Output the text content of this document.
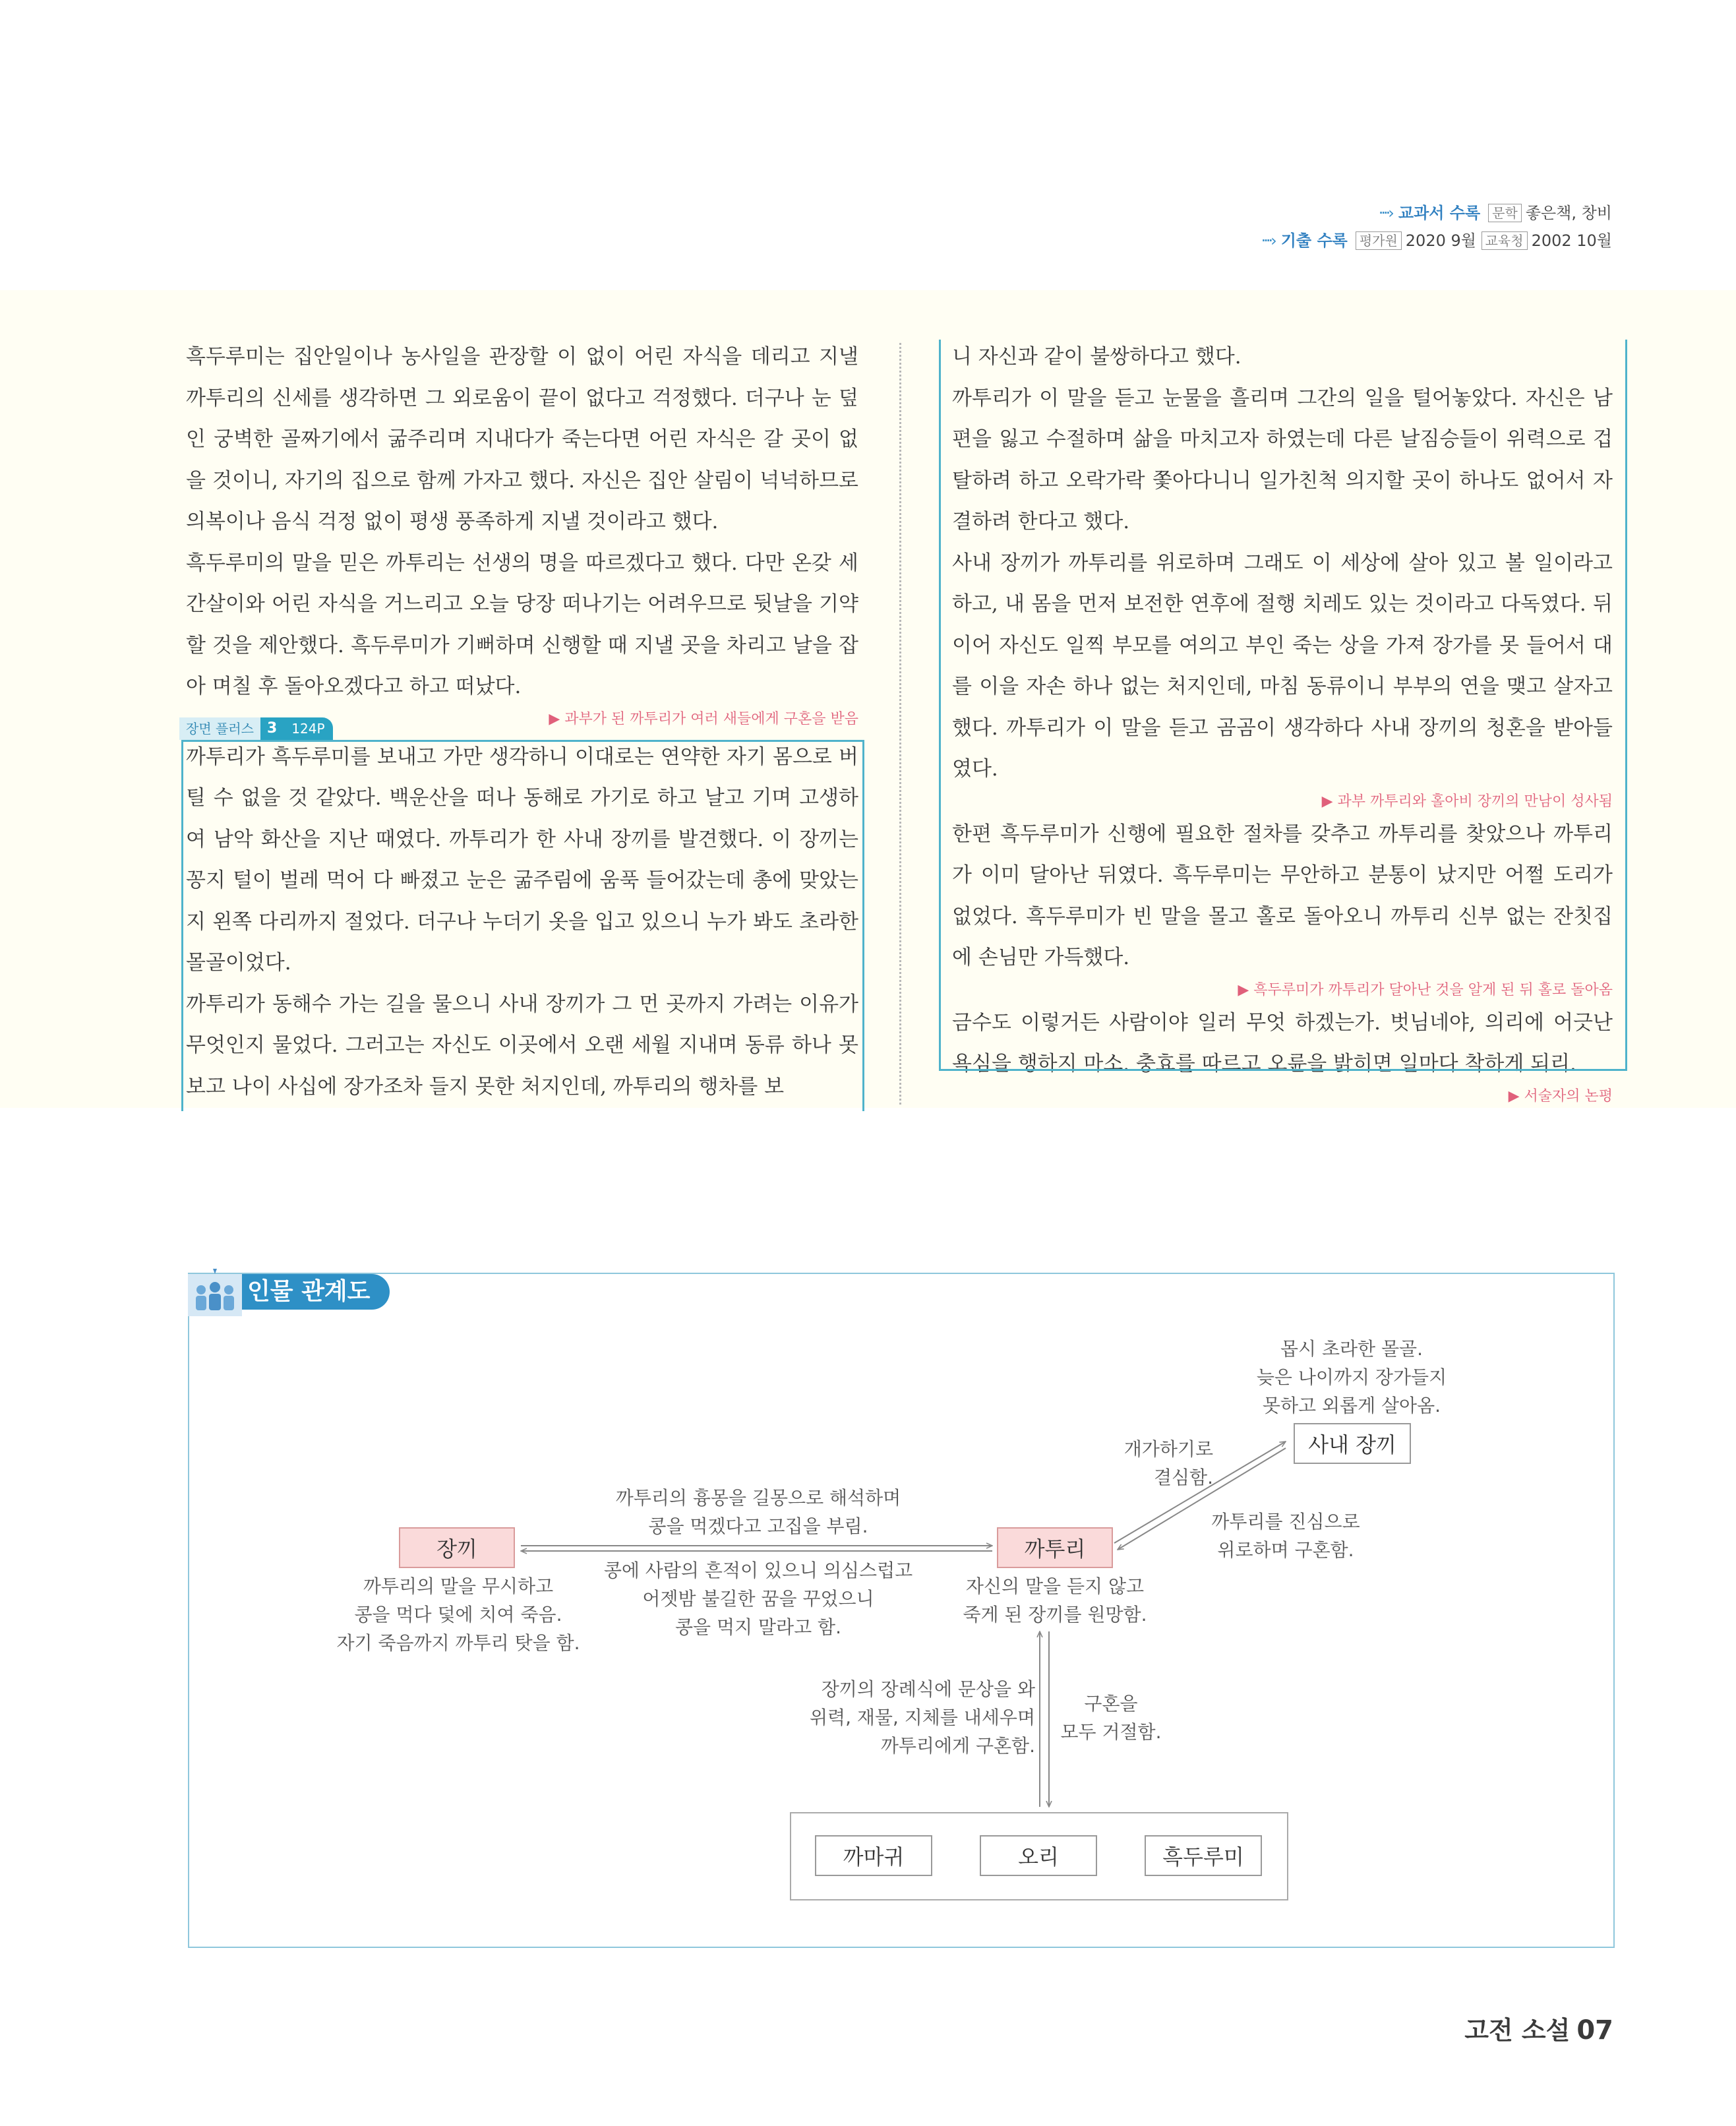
····› 교과서 수록 문학 좋은책, 창비
····› 기출 수록 평가원 2020 9월 교육청 2002 10월

흑두루미는 집안일이나 농사일을 관장할 이 없이 어린 자식을 데리고 지낼 까투리의 신세를 생각하면 그 외로움이 끝이 없다고 걱정했다. 더구나 눈 덮인 궁벽한 골짜기에서 굶주리며 지내다가 죽는다면 어린 자식은 갈 곳이 없을 것이니, 자기의 집으로 함께 가자고 했다. 자신은 집안 살림이 넉넉하므로 의복이나 음식 걱정 없이 평생 풍족하게 지낼 것이라고 했다.

흑두루미의 말을 믿은 까투리는 선생의 명을 따르겠다고 했다. 다만 온갖 세간살이와 어린 자식을 거느리고 오늘 당장 떠나기는 어려우므로 뒷날을 기약할 것을 제안했다. 흑두루미가 기뻐하며 신행할 때 지낼 곳을 차리고 날을 잡아 며칠 후 돌아오겠다고 하고 떠났다.

▶ 과부가 된 까투리가 여러 새들에게 구혼을 받음

까투리가 흑두루미를 보내고 가만 생각하니 이대로는 연약한 자기 몸으로 버틸 수 없을 것 같았다. 백운산을 떠나 동해로 가기로 하고 날고 기며 고생하여 남악 화산을 지난 때였다. 까투리가 한 사내 장끼를 발견했다. 이 장끼는 꽁지 털이 벌레 먹어 다 빠졌고 눈은 굶주림에 움푹 들어갔는데 총에 맞았는지 왼쪽 다리까지 절었다. 더구나 누더기 옷을 입고 있으니 누가 봐도 초라한 몰골이었다.

까투리가 동해수 가는 길을 물으니 사내 장끼가 그 먼 곳까지 가려는 이유가 무엇인지 물었다. 그러고는 자신도 이곳에서 오랜 세월 지내며 동류 하나 못 보고 나이 사십에 장가조차 들지 못한 처지인데, 까투리의 행차를 보

장면 플러스 3	124P

니 자신과 같이 불쌍하다고 했다.

까투리가 이 말을 듣고 눈물을 흘리며 그간의 일을 털어놓았다. 자신은 남편을 잃고 수절하며 삶을 마치고자 하였는데 다른 날짐승들이 위력으로 겁탈하려 하고 오락가락 쫓아다니니 일가친척 의지할 곳이 하나도 없어서 자결하려 한다고 했다.

사내 장끼가 까투리를 위로하며 그래도 이 세상에 살아 있고 볼 일이라고 하고, 내 몸을 먼저 보전한 연후에 절행 치레도 있는 것이라고 다독였다. 뒤이어 자신도 일찍 부모를 여의고 부인 죽는 상을 가져 장가를 못 들어서 대를 이을 자손 하나 없는 처지인데, 마침 동류이니 부부의 연을 맺고 살자고 했다. 까투리가 이 말을 듣고 곰곰이 생각하다 사내 장끼의 청혼을 받아들였다.

▶ 과부 까투리와 홀아비 장끼의 만남이 성사됨

한편 흑두루미가 신행에 필요한 절차를 갖추고 까투리를 찾았으나 까투리가 이미 달아난 뒤였다. 흑두루미는 무안하고 분통이 났지만 어쩔 도리가 없었다. 흑두루미가 빈 말을 몰고 홀로 돌아오니 까투리 신부 없는 잔칫집에 손님만 가득했다.

▶ 흑두루미가 까투리가 달아난 것을 알게 된 뒤 홀로 돌아옴

금수도 이렇거든 사람이야 일러 무엇 하겠는가. 벗님네야, 의리에 어긋난 욕심을 행하지 마소. 충효를 따르고 오륜을 밝히면 일마다 착하게 되리.

▶ 서술자의 논평
인물 관계도
장끼	까투리
사내 장끼
까마귀	오리	흑두루미
몹시 초라한 몰골.
늦은 나이까지 장가들지
못하고 외롭게 살아옴.
개가하기로
결심함.
까투리를 진심으로
위로하며 구혼함.
까투리의 흉몽을 길몽으로 해석하며
콩을 먹겠다고 고집을 부림.
콩에 사람의 흔적이 있으니 의심스럽고
어젯밤 불길한 꿈을 꾸었으니
콩을 먹지 말라고 함.
까투리의 말을 무시하고
콩을 먹다 덫에 치여 죽음.
자기 죽음까지 까투리 탓을 함.
자신의 말을 듣지 않고
죽게 된 장끼를 원망함.
장끼의 장례식에 문상을 와
위력, 재물, 지체를 내세우며
까투리에게 구혼함.
구혼을
모두 거절함.
고전 소설 07
